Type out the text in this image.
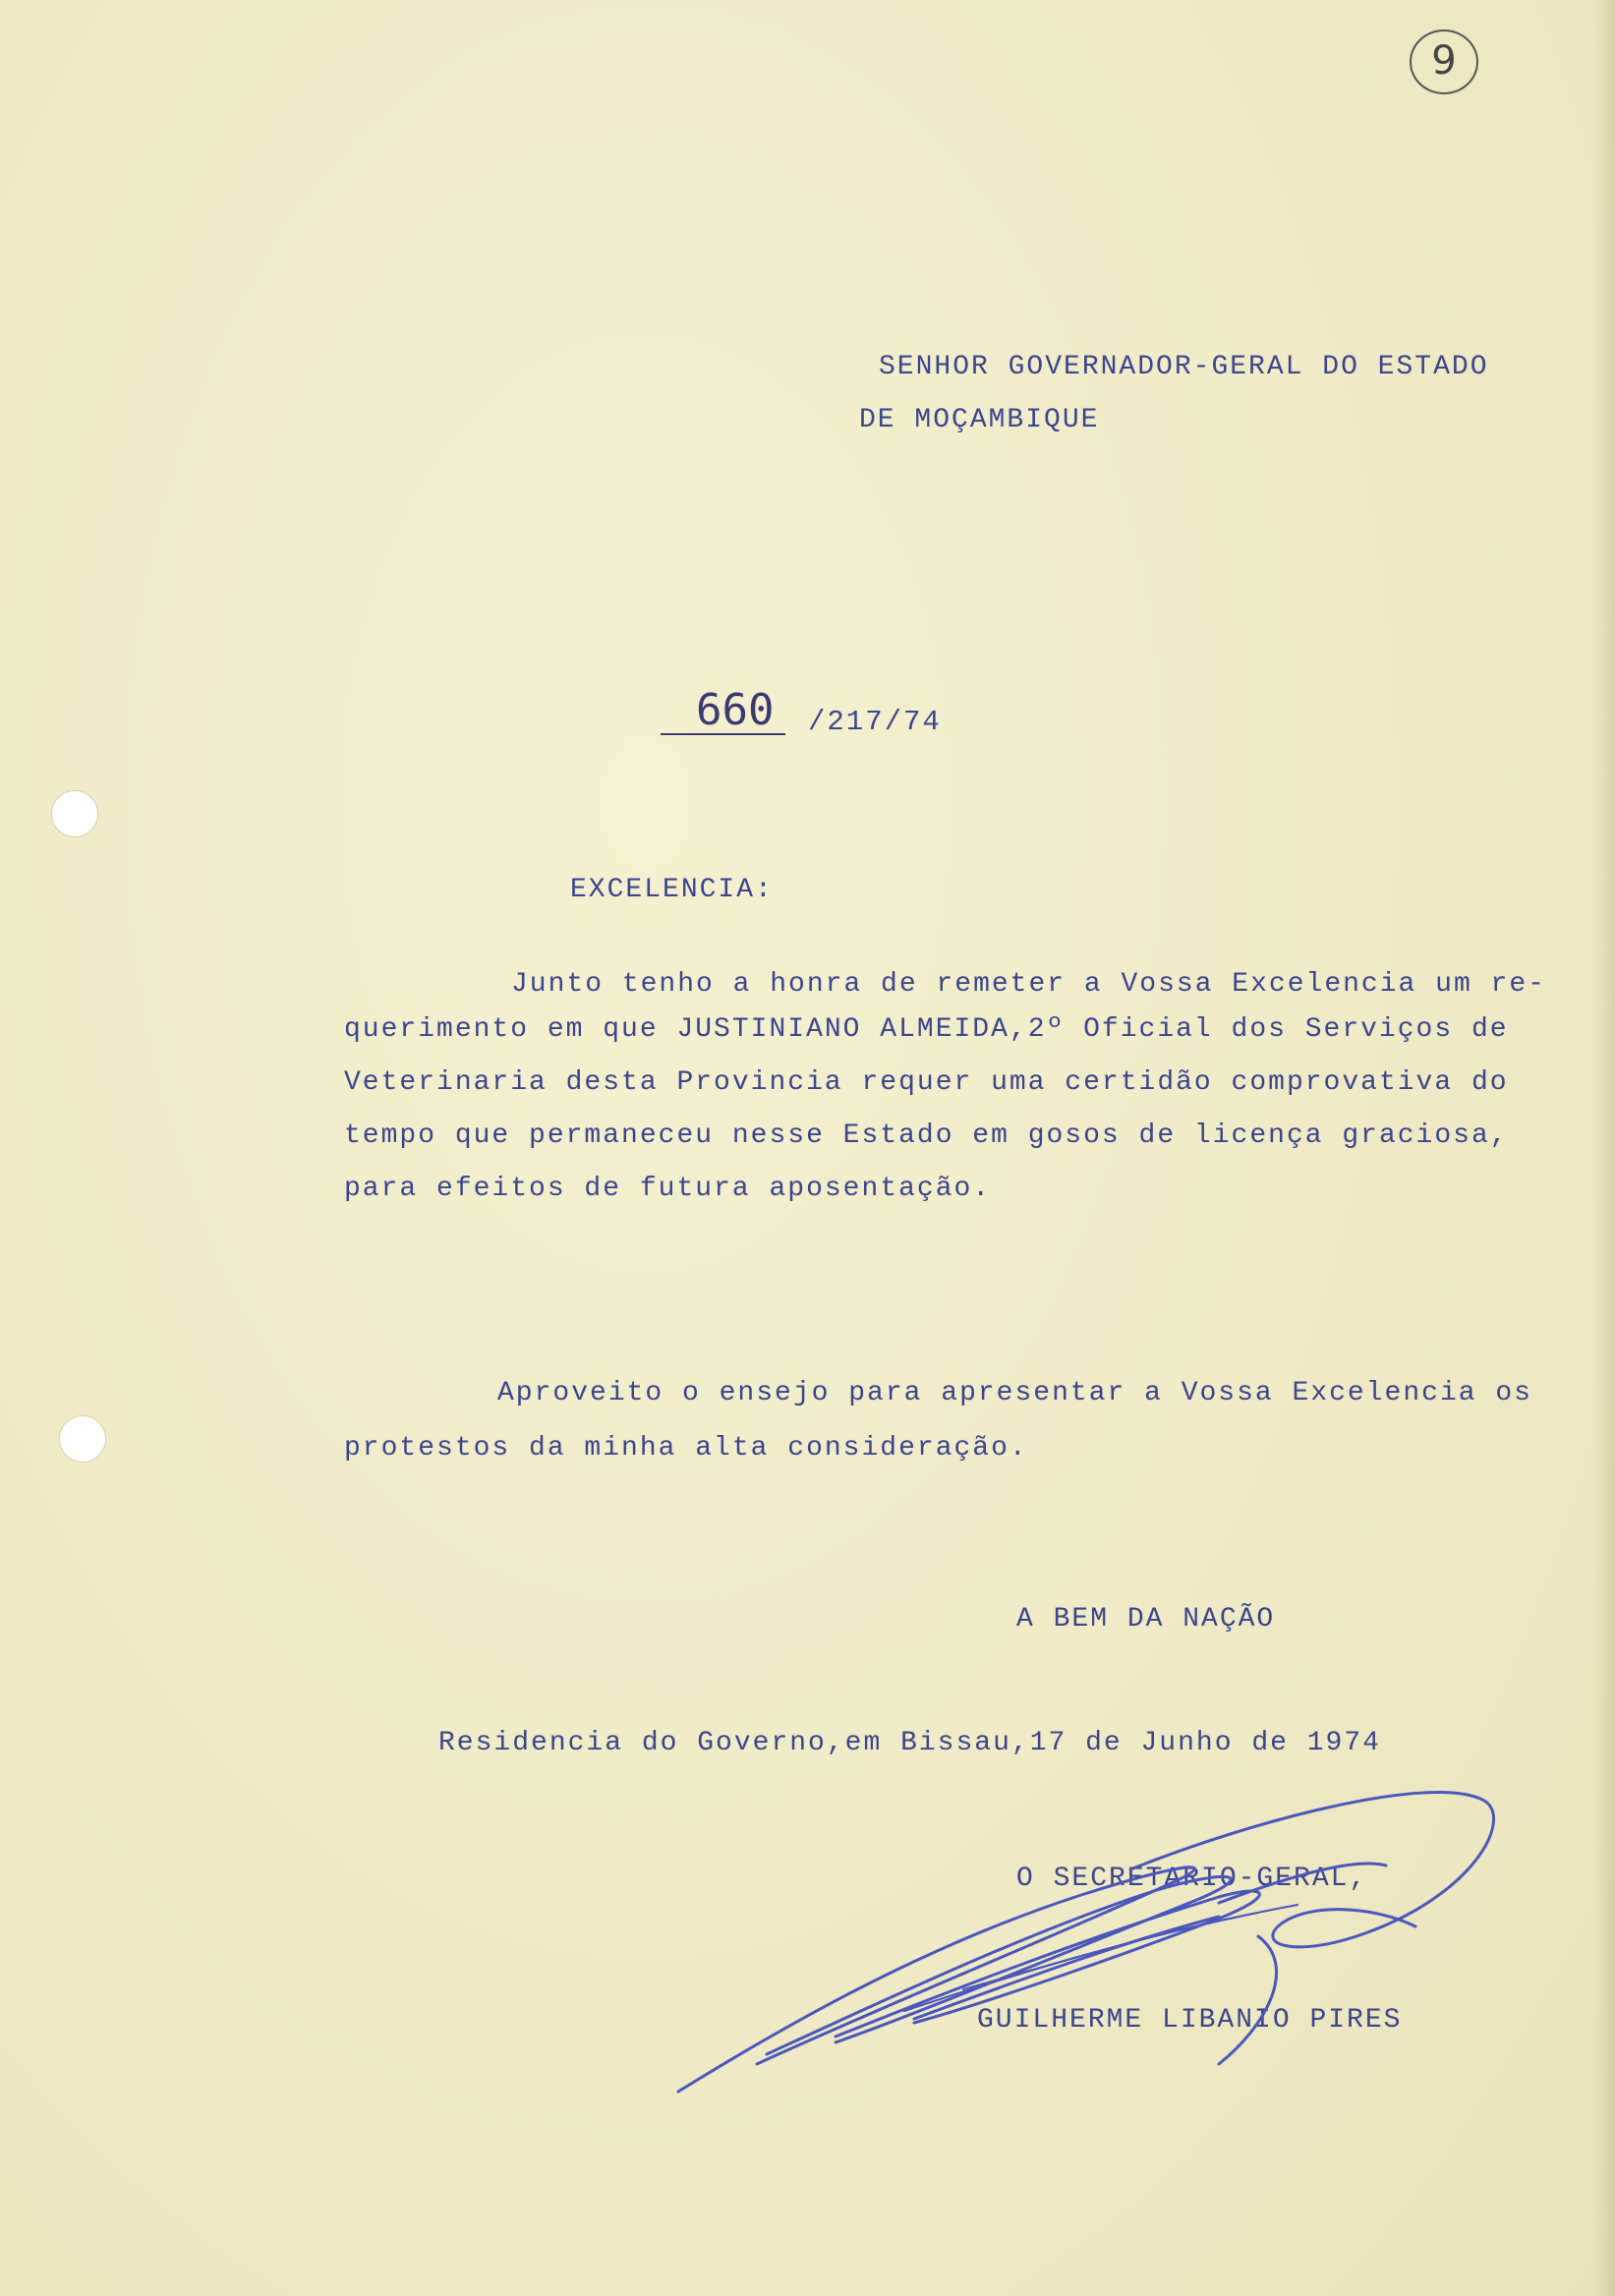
9
SENHOR GOVERNADOR-GERAL DO ESTADO
DE MOÇAMBIQUE
660	/217/74
EXCELENCIA:
Junto tenho a honra de remeter a Vossa Excelencia um re-
querimento em que JUSTINIANO ALMEIDA,2º Oficial dos Serviços de
Veterinaria desta Provincia requer uma certidão comprovativa do
tempo que permaneceu nesse Estado em gosos de licença graciosa,
para efeitos de futura aposentação.
Aproveito o ensejo para apresentar a Vossa Excelencia os
protestos da minha alta consideração.
A BEM DA NAÇÃO
Residencia do Governo,em Bissau,17 de Junho de 1974
O SECRETARIO-GERAL,
GUILHERME LIBANIO PIRES
